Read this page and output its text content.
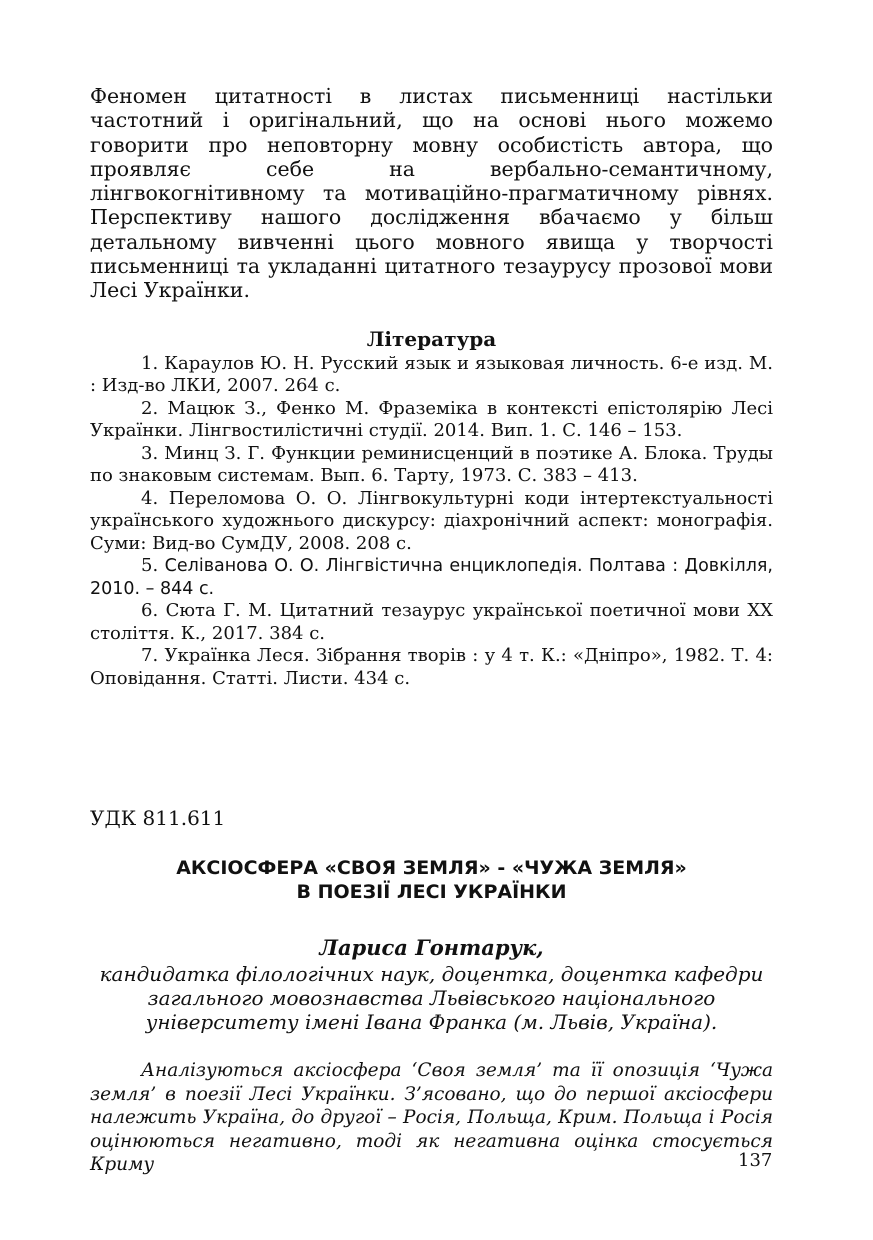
Феномен цитатності в листах письменниці настільки частотний і оригінальний, що на основі нього можемо говорити про неповторну мовну особистість автора, що проявляє себе на вербально-семантичному, лінгвокогнітивному та мотиваційно-прагматичному рівнях. Перспективу нашого дослідження вбачаємо у більш детальному вивченні цього мовного явища у творчості письменниці та укладанні цитатного тезаурусу прозової мови Лесі Українки.

Література

1. Караулов Ю. Н. Русский язык и языковая личность. 6-е изд. М. : Изд-во ЛКИ, 2007. 264 с.

2. Мацюк З., Фенко М. Фраземіка в контексті епістолярію Лесі Українки. Лінгвостилістичні студії. 2014. Вип. 1. С. 146 – 153.

3. Минц З. Г. Функции реминисценций в поэтике А. Блока. Труды по знаковым системам. Вып. 6. Тарту, 1973. С. 383 – 413.

4. Переломова О. О. Лінгвокультурні коди інтертекстуальності українського художнього дискурсу: діахронічний аспект: монографія. Суми: Вид-во СумДУ, 2008. 208 с.

5. Селіванова О. О. Лінгвістична енциклопедія. Полтава : Довкілля, 2010. – 844 с.

6. Сюта Г. М. Цитатний тезаурус української поетичної мови ХХ століття. К., 2017. 384 с.

7. Українка Леся. Зібрання творів : у 4 т. К.: «Дніпро», 1982. Т. 4: Оповідання. Статті. Листи. 434 с.

УДК 811.611
АКСІОСФЕРА «СВОЯ ЗЕМЛЯ» - «ЧУЖА ЗЕМЛЯ»
В ПОЕЗІЇ ЛЕСІ УКРАЇНКИ
Лариса Гонтарук,
кандидатка філологічних наук, доцентка, доцентка кафедри
загального мовознавства Львівського національного
університету імені Івана Франка (м. Львів, Україна).

Аналізуються аксіосфера ‘Своя земля’ та її опозиція ‘Чужа земля’ в поезії Лесі Українки. З’ясовано, що до першої аксіосфери належить Україна, до другої – Росія, Польща, Крим. Польща і Росія оцінюються негативно, тоді як негативна оцінка стосується Криму	137
